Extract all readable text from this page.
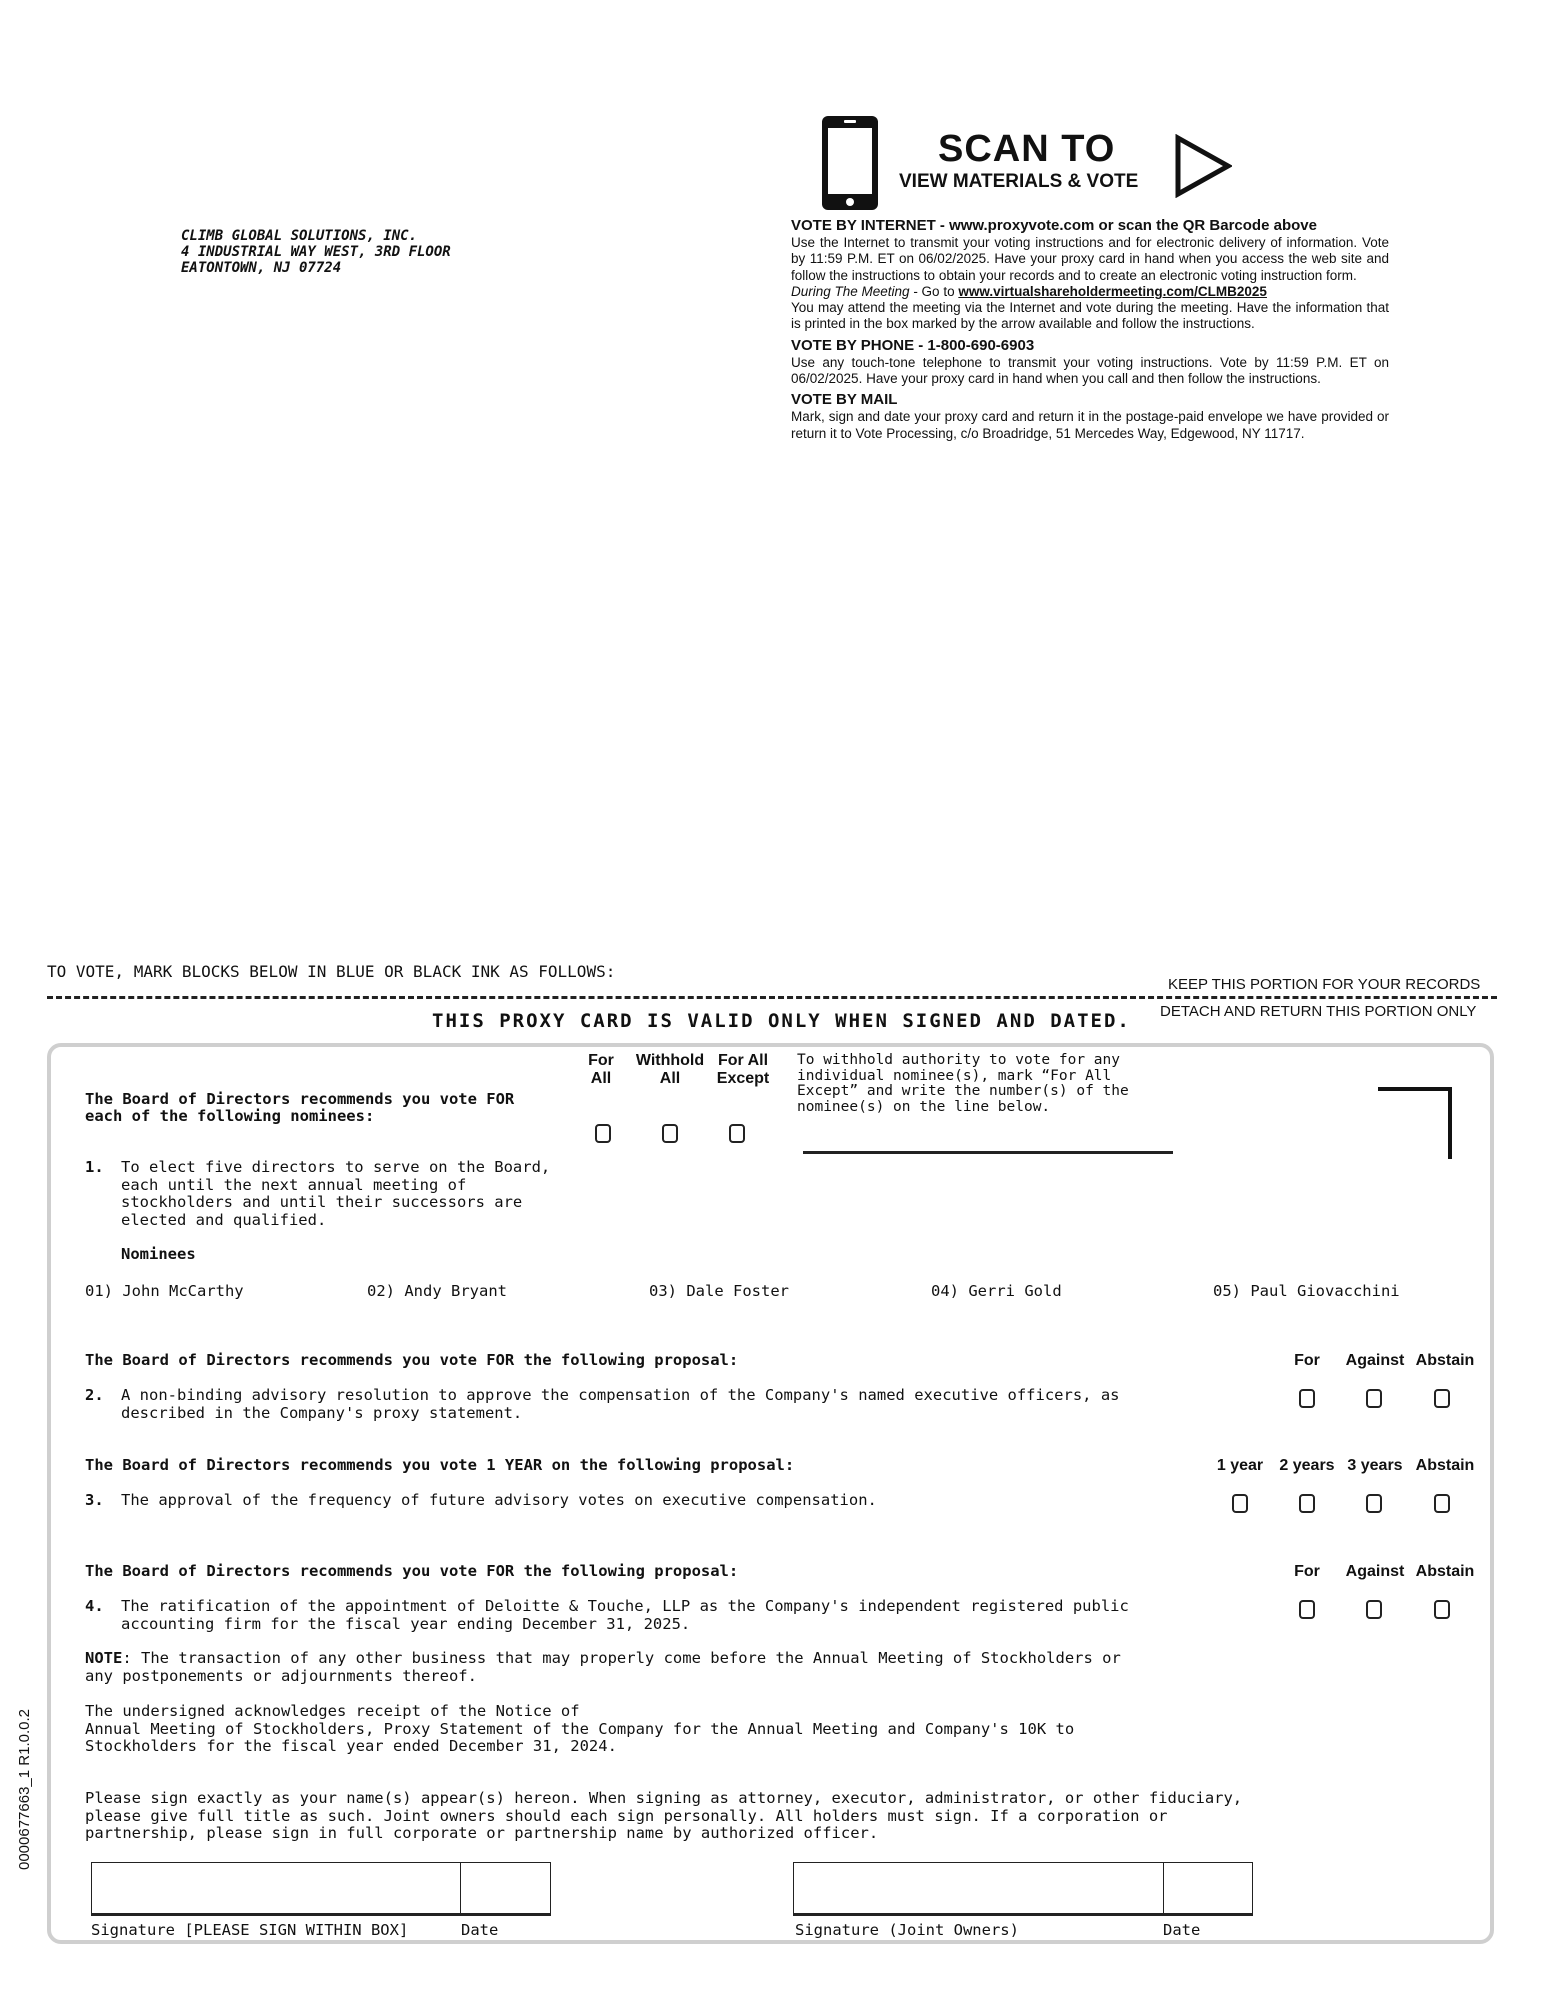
CLIMB GLOBAL SOLUTIONS, INC.
4 INDUSTRIAL WAY WEST, 3RD FLOOR
EATONTOWN, NJ 07724
SCAN TO
VIEW MATERIALS & VOTE
VOTE BY INTERNET - www.proxyvote.com or scan the QR Barcode above

Use the Internet to transmit your voting instructions and for electronic delivery of information. Vote by 11:59 P.M. ET on 06/02/2025. Have your proxy card in hand when you access the web site and follow the instructions to obtain your records and to create an electronic voting instruction form.

During The Meeting - Go to www.virtualshareholdermeeting.com/CLMB2025

You may attend the meeting via the Internet and vote during the meeting. Have the information that is printed in the box marked by the arrow available and follow the instructions.

VOTE BY PHONE - 1-800-690-6903

Use any touch-tone telephone to transmit your voting instructions. Vote by 11:59 P.M. ET on 06/02/2025. Have your proxy card in hand when you call and then follow the instructions.

VOTE BY MAIL

Mark, sign and date your proxy card and return it in the postage-paid envelope we have provided or return it to Vote Processing, c/o Broadridge, 51 Mercedes Way, Edgewood, NY 11717.

TO VOTE, MARK BLOCKS BELOW IN BLUE OR BLACK INK AS FOLLOWS:
KEEP THIS PORTION FOR YOUR RECORDS
DETACH AND RETURN THIS PORTION ONLY
THIS PROXY CARD IS VALID ONLY WHEN SIGNED AND DATED.
The Board of Directors recommends you vote FOR
each of the following nominees:
For
All
Withhold
All
For All
Except
To withhold authority to vote for any
individual nominee(s), mark “For All
Except” and write the number(s) of the
nominee(s) on the line below.
1. To elect five directors to serve on the Board,
each until the next annual meeting of
stockholders and until their successors are
elected and qualified.
Nominees
01) John McCarthy	02) Andy Bryant	03) Dale Foster	04) Gerri Gold	05) Paul Giovacchini
The Board of Directors recommends you vote FOR the following proposal:	For	Against Abstain
2. A non-binding advisory resolution to approve the compensation of the Company's named executive officers, as
described in the Company's proxy statement.
The Board of Directors recommends you vote 1 YEAR on the following proposal:	1 year	2 years 3 years Abstain
3. The approval of the frequency of future advisory votes on executive compensation.
The Board of Directors recommends you vote FOR the following proposal:	For	Against Abstain
4. The ratification of the appointment of Deloitte & Touche, LLP as the Company's independent registered public
accounting firm for the fiscal year ending December 31, 2025.
NOTE: The transaction of any other business that may properly come before the Annual Meeting of Stockholders or
any postponements or adjournments thereof.
The undersigned acknowledges receipt of the Notice of
Annual Meeting of Stockholders, Proxy Statement of the Company for the Annual Meeting and Company's 10K to
Stockholders for the fiscal year ended December 31, 2024.
Please sign exactly as your name(s) appear(s) hereon. When signing as attorney, executor, administrator, or other fiduciary,
please give full title as such. Joint owners should each sign personally. All holders must sign. If a corporation or
partnership, please sign in full corporate or partnership name by authorized officer.
Signature [PLEASE SIGN WITHIN BOX]	Date	Signature (Joint Owners)	Date
0000677663_1 R1.0.0.2
